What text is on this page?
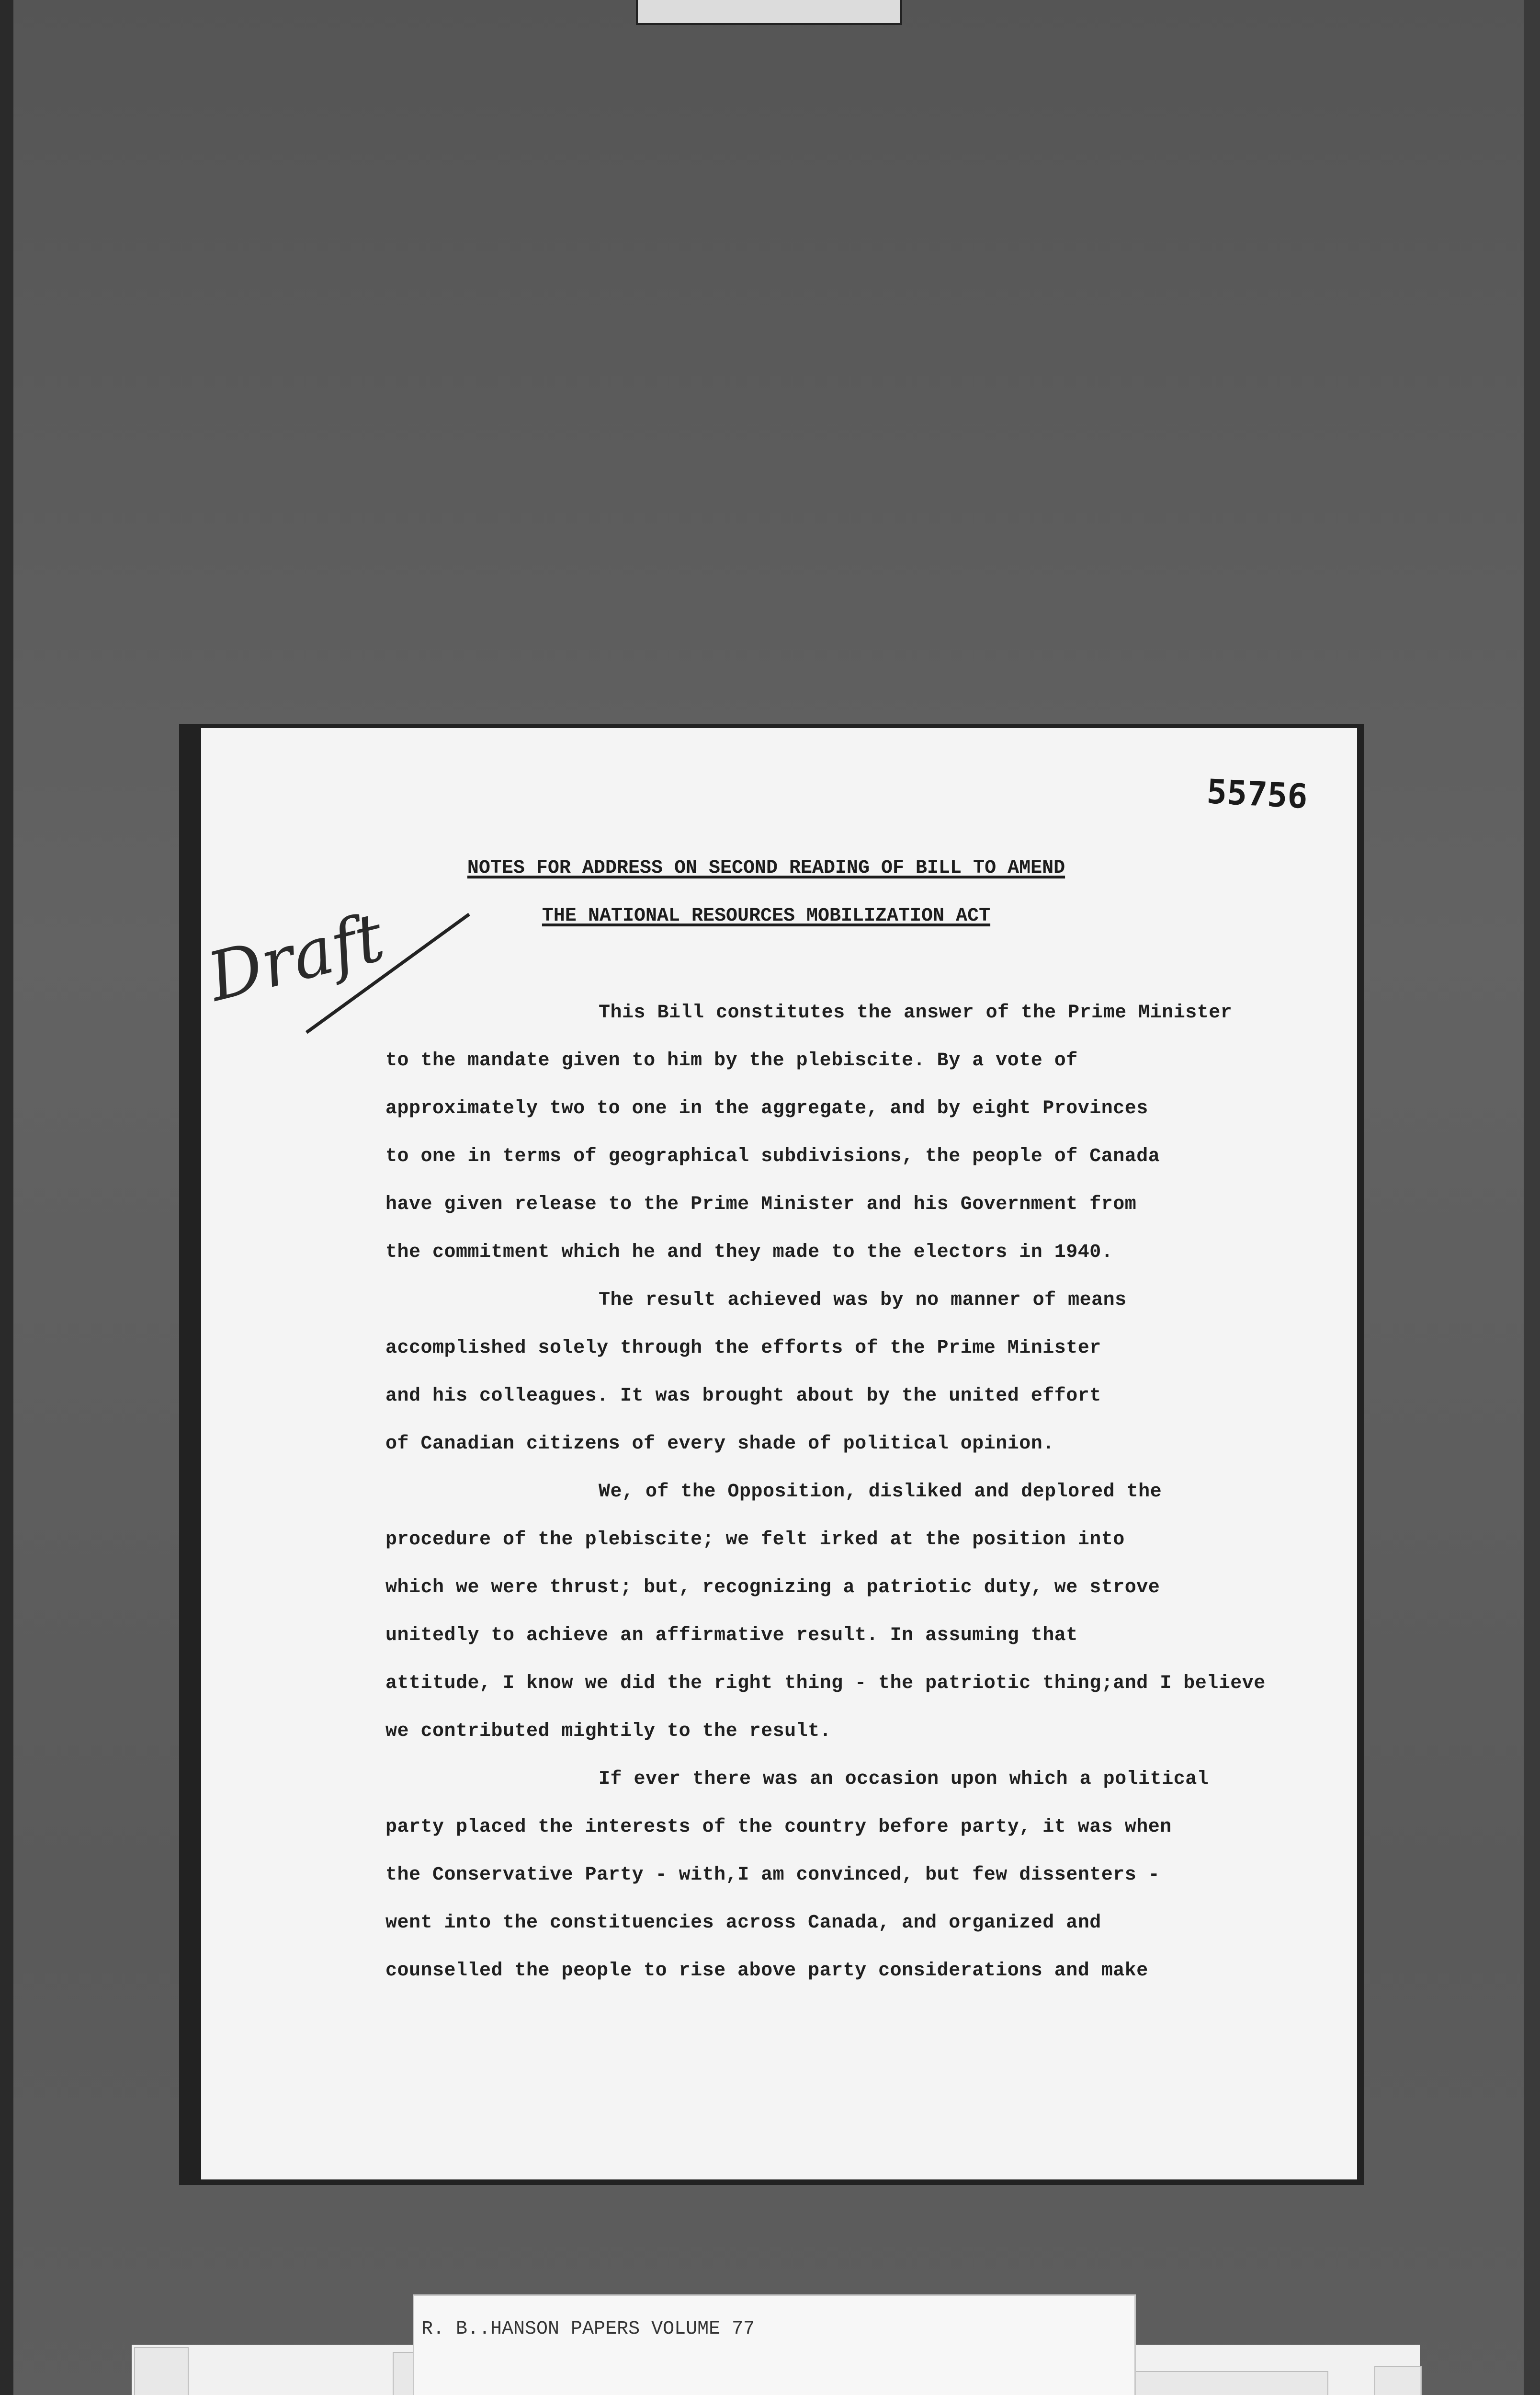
55756
NOTES FOR ADDRESS ON SECOND READING OF BILL TO AMEND
THE NATIONAL RESOURCES MOBILIZATION ACT
Draft	This Bill constitutes the answer of the Prime Minister
to the mandate given to him by the plebiscite. By a vote of
approximately two to one in the aggregate, and by eight Provinces
to one in terms of geographical subdivisions, the people of Canada
have given release to the Prime Minister and his Government from
the commitment which he and they made to the electors in 1940.
The result achieved was by no manner of means
accomplished solely through the efforts of the Prime Minister
and his colleagues. It was brought about by the united effort
of Canadian citizens of every shade of political opinion.
We, of the Opposition, disliked and deplored the
procedure of the plebiscite; we felt irked at the position into
which we were thrust; but, recognizing a patriotic duty, we strove
unitedly to achieve an affirmative result. In assuming that
attitude, I know we did the right thing - the patriotic thing;and I believe
we contributed mightily to the result.
If ever there was an occasion upon which a political
party placed the interests of the country before party, it was when
the Conservative Party - with,I am convinced, but few dissenters -
went into the constituencies across Canada, and organized and
counselled the people to rise above party considerations and make
R. B..HANSON PAPERS VOLUME 77
